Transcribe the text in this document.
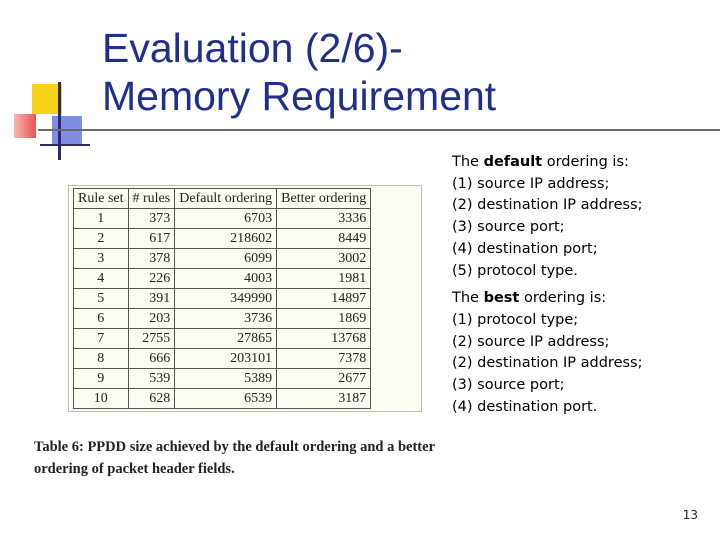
Evaluation (2/6)-
Memory Requirement
Rule set	# rules	Default ordering	Better ordering
1	373	6703	3336
2	617	218602	8449
3	378	6099	3002
4	226	4003	1981
5	391	349990	14897
6	203	3736	1869
7	2755	27865	13768
8	666	203101	7378
9	539	5389	2677
10	628	6539	3187
Table 6: PPDD size achieved by the default ordering and a better ordering of packet header fields.

The default ordering is:

(1) source IP address;

(2) destination IP address;

(3) source port;

(4) destination port;

(5) protocol type.

The best ordering is:

(1) protocol type;

(2) source IP address;

(2) destination IP address;

(3) source port;

(4) destination port.

13
